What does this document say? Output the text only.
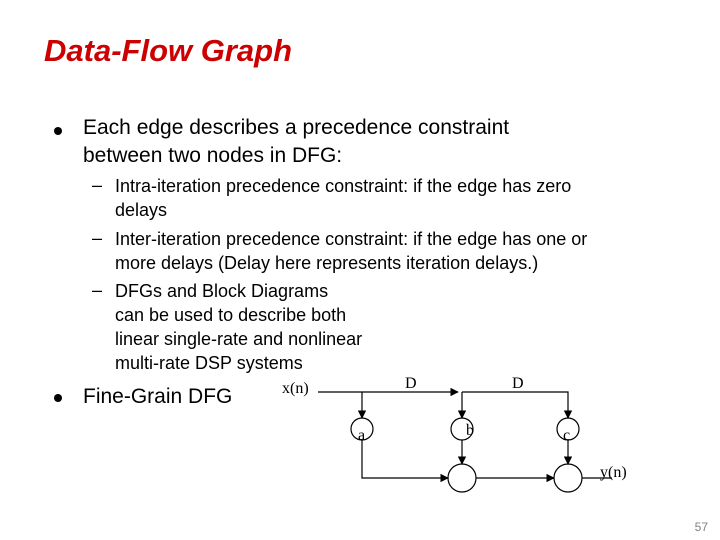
Data-Flow Graph
Each edge describes a precedence constraint
between two nodes in DFG:
– Intra-iteration precedence constraint: if the edge has zero
delays
– Inter-iteration precedence constraint: if the edge has one or
more delays (Delay here represents iteration delays.)
– DFGs and Block Diagrams
can be used to describe both
linear single-rate and nonlinear
multi-rate DSP systems
Fine-Grain DFG	x(n)	D	D
a	b	c
y(n)
57
